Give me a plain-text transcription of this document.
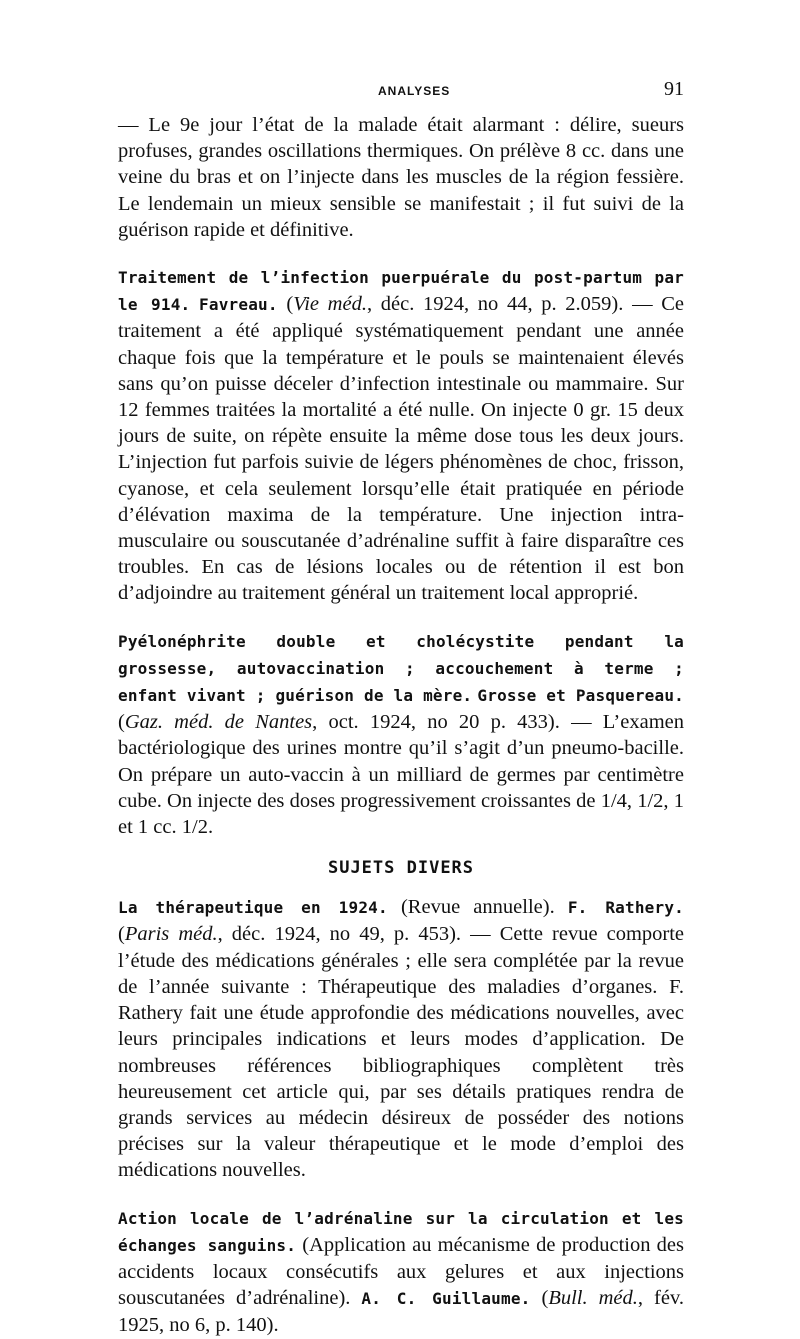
ANALYSES	91

— Le 9e jour l’état de la malade était alarmant : délire, sueurs profuses, grandes oscillations thermiques. On prélève 8 cc. dans une veine du bras et on l’injecte dans les muscles de la région fessière. Le lendemain un mieux sensible se manifestait ; il fut suivi de la guérison rapide et définitive.

Traitement de l’infection puerpuérale du post-partum par le 914. Favreau. (Vie méd., déc. 1924, no 44, p. 2.059). — Ce traitement a été appliqué systématiquement pendant une année chaque fois que la température et le pouls se maintenaient élevés sans qu’on puisse déceler d’infection intestinale ou mammaire. Sur 12 femmes traitées la mortalité a été nulle. On injecte 0 gr. 15 deux jours de suite, on répète ensuite la même dose tous les deux jours. L’injection fut parfois suivie de légers phénomènes de choc, frisson, cyanose, et cela seulement lorsqu’elle était pratiquée en période d’élévation maxima de la température. Une injection intra-musculaire ou souscutanée d’adrénaline suffit à faire disparaître ces troubles. En cas de lésions locales ou de rétention il est bon d’adjoindre au traitement général un traitement local approprié.

Pyélonéphrite double et cholécystite pendant la grossesse, autovaccination ; accouchement à terme ; enfant vivant ; guérison de la mère. Grosse et Pasquereau. (Gaz. méd. de Nantes, oct. 1924, no 20 p. 433). — L’examen bactériologique des urines montre qu’il s’agit d’un pneumo-bacille. On prépare un auto-vaccin à un milliard de germes par centimètre cube. On injecte des doses progressivement croissantes de 1/4, 1/2, 1 et 1 cc. 1/2.

SUJETS DIVERS

La thérapeutique en 1924. (Revue annuelle). F. Rathery. (Paris méd., déc. 1924, no 49, p. 453). — Cette revue comporte l’étude des médications générales ; elle sera complétée par la revue de l’année suivante : Thérapeutique des maladies d’organes. F. Rathery fait une étude approfondie des médications nouvelles, avec leurs principales indications et leurs modes d’application. De nombreuses références bibliographiques complètent très heureusement cet article qui, par ses détails pratiques rendra de grands services au médecin désireux de posséder des notions précises sur la valeur thérapeutique et le mode d’emploi des médications nouvelles.

Action locale de l’adrénaline sur la circulation et les échanges sanguins. (Application au mécanisme de production des accidents locaux consécutifs aux gelures et aux injections souscutanées d’adrénaline). A. C. Guillaume. (Bull. méd., fév. 1925, no 6, p. 140).
